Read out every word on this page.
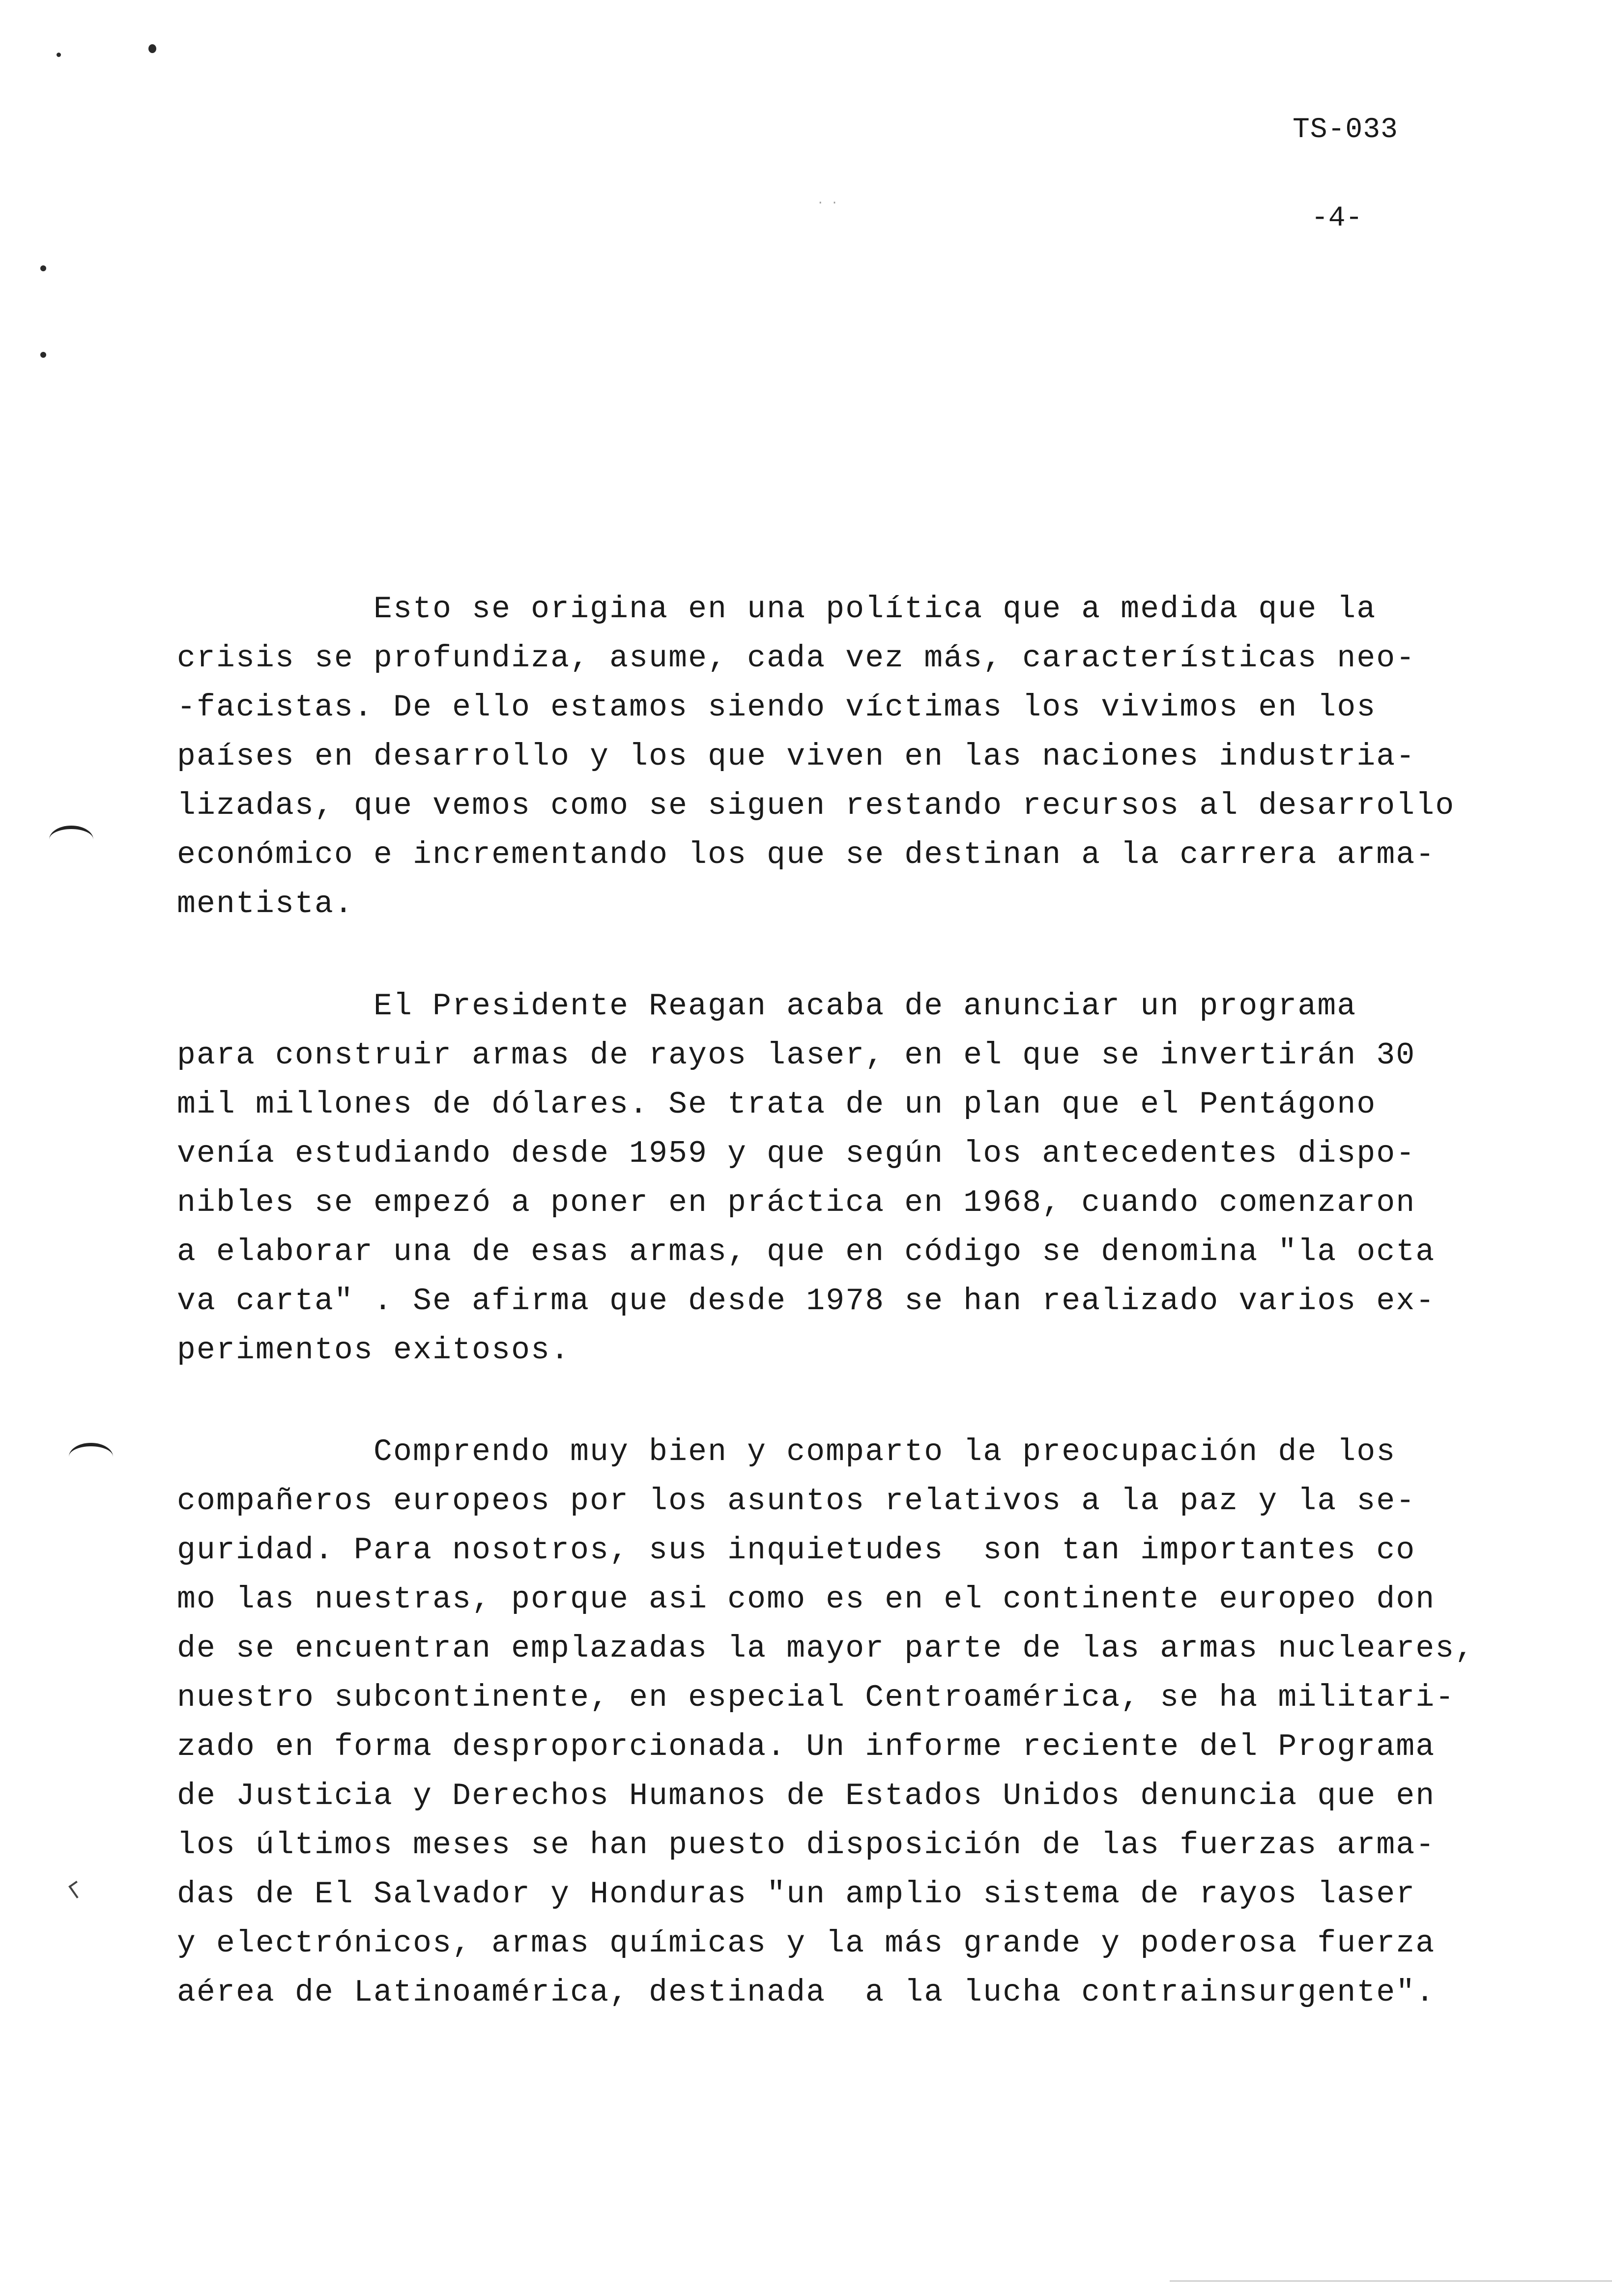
· ·
TS-033
-4-
Esto se origina en una política que a medida que la
crisis se profundiza, asume, cada vez más, características neo-
-facistas. De ello estamos siendo víctimas los vivimos en los
países en desarrollo y los que viven en las naciones industria-
lizadas, que vemos como se siguen restando recursos al desarrollo
económico e incrementando los que se destinan a la carrera arma-
mentista.
El Presidente Reagan acaba de anunciar un programa
para construir armas de rayos laser, en el que se invertirán 30
mil millones de dólares. Se trata de un plan que el Pentágono
venía estudiando desde 1959 y que según los antecedentes dispo-
nibles se empezó a poner en práctica en 1968, cuando comenzaron
a elaborar una de esas armas, que en código se denomina "la octa
va carta" . Se afirma que desde 1978 se han realizado varios ex-
perimentos exitosos.
Comprendo muy bien y comparto la preocupación de los
compañeros europeos por los asuntos relativos a la paz y la se-
guridad. Para nosotros, sus inquietudes  son tan importantes co
mo las nuestras, porque asi como es en el continente europeo don
de se encuentran emplazadas la mayor parte de las armas nucleares,
nuestro subcontinente, en especial Centroamérica, se ha militari-
zado en forma desproporcionada. Un informe reciente del Programa
de Justicia y Derechos Humanos de Estados Unidos denuncia que en
los últimos meses se han puesto disposición de las fuerzas arma-
das de El Salvador y Honduras "un amplio sistema de rayos laser
y electrónicos, armas químicas y la más grande y poderosa fuerza
aérea de Latinoamérica, destinada  a la lucha contrainsurgente".
